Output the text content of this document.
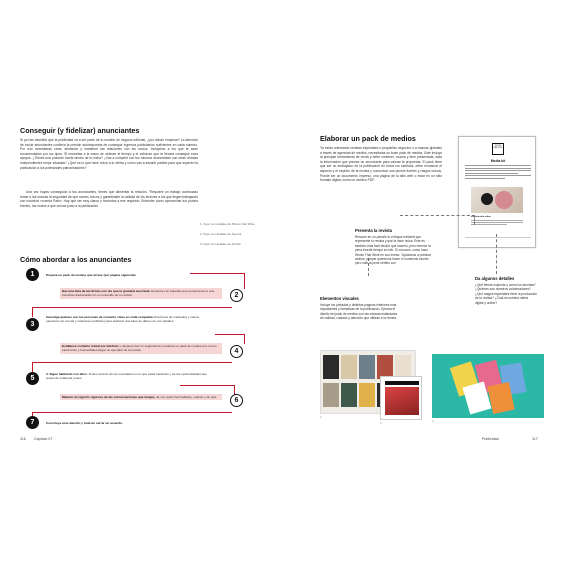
Conseguir (y fidelizar) anunciantes
Si ya has decidido que la publicidad va a ser parte de tu modelo de negocio editorial, ¿por dónde empezar? La atención de incluir anunciantes conlleva la presión autoimpuesta de conseguir ingresos publicitarios suficientes en cada número. Por eso necesitarás crear, alimentar y mantener las relaciones con los socios. Inclúyelos a los que te sean recomendados por tus tipos. Si necesitas a la mano de obtener el tiempo y el esfuerzo que te llevará conseguir esos apoyos. ¿Tienes una posición fuerte dentro de tu nicho? ¿Vas a competir con tus mismos anunciantes con otras revistas independientes mejor situadas? ¿Qué es lo que hace única a tu oferta y cómo vas a sacarle partido para que superen la publicación a los potenciales patrocinadores?
Una vez hayas conseguido a tus anunciantes, tienes que alimentar la relación. "Requiere un trabajo continuado tomar a las marcas la seguridad de que somos únicos y garantizarle la calidad de los lectores a los que llegan trabajando con nosotros «cuenta Park». Hay que ser muy claros y honestos a ese respecto. Entender cómo aprovechar tus puntos fuertes, tus socios a que crezca junto a la publicación
1. Flyer con detalles de Minus Chef Wine
2. Flyer con detalles de Nyoma
3. Flyer con detalles de Florish
Cómo abordar a los anunciantes
1	Prepara un pack de medios que arrase (ver página siguiente)
Haz una lista de las firmas con las que te gustaría asociarte. Empieza con aquellas que pertenezcan a una industria relacionada con el contenido de tu revista.	2
3
Investiga quiénes son las personas de contacto clave en cada compañía (directores de marketing y marca, ejecutivos de cuenta y relaciones públicas) para elaborar una base de datos con sus detalles.
Establece contacto inicial por teléfono y después haz un seguimiento enviando un pack de medios por correo electrónico y huecerillales llegar un ejemplar de la revista.	4
5
3. Sigue hablando con ellos. Tenlos al tanto de las novedades en lo que estás haciendo y de las oportunidades que surjan de colaborar juntos.
Mantén un registro riguroso de las conversaciones que tengas, de con quién has hablado, cuándo y de qué.	6
7	Construye una relación y trata de cerrar un acuerdo.
116 Capítulo 07
Elaborar un pack de medios
Ya estás orientando revistas especiales o pequeñas negocios o a marcas globales a través de agencias de medios, necesitarás un buen pack de medios. Este incluye la principal herramienta de venta y debe contener, mucha y bien presentada, toda la información que precisa un anunciante para valorar la propuesta. El pack tiene que ser un embajador de la publicación en todos los sentidos, debe enmarcar el aspecto y el espíritu de la revista y comunicar sus puntos fuertes y rasgos únicos. Puede ser un documento impreso, una página de la sitio web o estar en un sitio formato digital, como un archivo PDF.
WORKS THAT WORK
Media kit
Introducción editor
Presenta la revista
Resume en un párrafo tu enfoque editorial que represente tu revista y qué la hace única. Este es también más fácil decirlo que hacerlo, pero merece la pena invertir tiempo en ello. Si conoces, como hace Works That Work en sus líneas: "Ayúdanos a publicar ambos, porque queremos hacer el contenido escrito pero vale la pena vértelo con
Da algunos detalles
¿Qué temas explorás y cómo los abordas? ¿Quiénes son nuestros colaboradores? ¿Qué rasgos especiales tiene la producción de la revista? ¿Cuál es nuestra oferta digital y online?
Elementos visuales
Incluye los portadas y distintas páginas interiores más impactantes y llamativas de la publicación. Ejecuta el diseño del pack de medios con las mismas estándares de calidad, cuidado y atención que utilizas a la revista.
2
3
4
Publicidad	117
